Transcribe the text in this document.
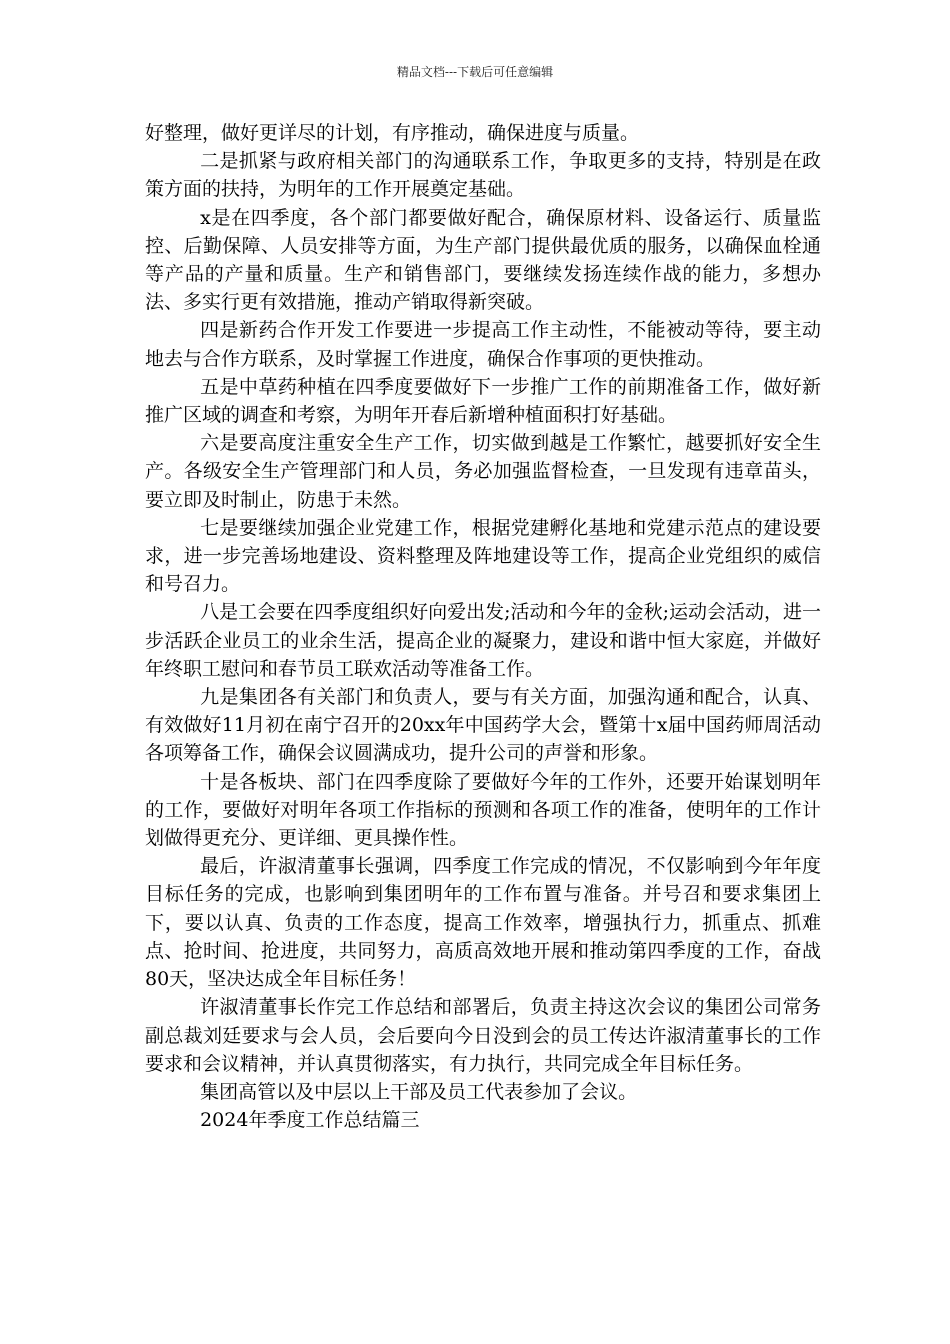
精品文档---下载后可任意编辑

好整理，做好更详尽的计划，有序推动，确保进度与质量。

二是抓紧与政府相关部门的沟通联系工作，争取更多的支持，特别是在政策方面的扶持，为明年的工作开展奠定基础。

x是在四季度，各个部门都要做好配合，确保原材料、设备运行、质量监控、后勤保障、人员安排等方面，为生产部门提供最优质的服务，以确保血栓通等产品的产量和质量。生产和销售部门，要继续发扬连续作战的能力，多想办法、多实行更有效措施，推动产销取得新突破。

四是新药合作开发工作要进一步提高工作主动性，不能被动等待，要主动地去与合作方联系，及时掌握工作进度，确保合作事项的更快推动。

五是中草药种植在四季度要做好下一步推广工作的前期准备工作，做好新推广区域的调查和考察，为明年开春后新增种植面积打好基础。

六是要高度注重安全生产工作，切实做到越是工作繁忙，越要抓好安全生产。各级安全生产管理部门和人员，务必加强监督检查，一旦发现有违章苗头，要立即及时制止，防患于未然。

七是要继续加强企业党建工作，根据党建孵化基地和党建示范点的建设要求，进一步完善场地建设、资料整理及阵地建设等工作，提高企业党组织的威信和号召力。

八是工会要在四季度组织好向爱出发;活动和今年的金秋;运动会活动，进一步活跃企业员工的业余生活，提高企业的凝聚力，建设和谐中恒大家庭，并做好年终职工慰问和春节员工联欢活动等准备工作。

九是集团各有关部门和负责人，要与有关方面，加强沟通和配合，认真、有效做好11月初在南宁召开的20xx年中国药学大会，暨第十x届中国药师周活动各项筹备工作，确保会议圆满成功，提升公司的声誉和形象。

十是各板块、部门在四季度除了要做好今年的工作外，还要开始谋划明年的工作，要做好对明年各项工作指标的预测和各项工作的准备，使明年的工作计划做得更充分、更详细、更具操作性。

最后，许淑清董事长强调，四季度工作完成的情况，不仅影响到今年年度目标任务的完成，也影响到集团明年的工作布置与准备。并号召和要求集团上下，要以认真、负责的工作态度，提高工作效率，增强执行力，抓重点、抓难点、抢时间、抢进度，共同努力，高质高效地开展和推动第四季度的工作，奋战80天，坚决达成全年目标任务！

许淑清董事长作完工作总结和部署后，负责主持这次会议的集团公司常务副总裁刘廷要求与会人员，会后要向今日没到会的员工传达许淑清董事长的工作要求和会议精神，并认真贯彻落实，有力执行，共同完成全年目标任务。

集团高管以及中层以上干部及员工代表参加了会议。

2024年季度工作总结篇三
